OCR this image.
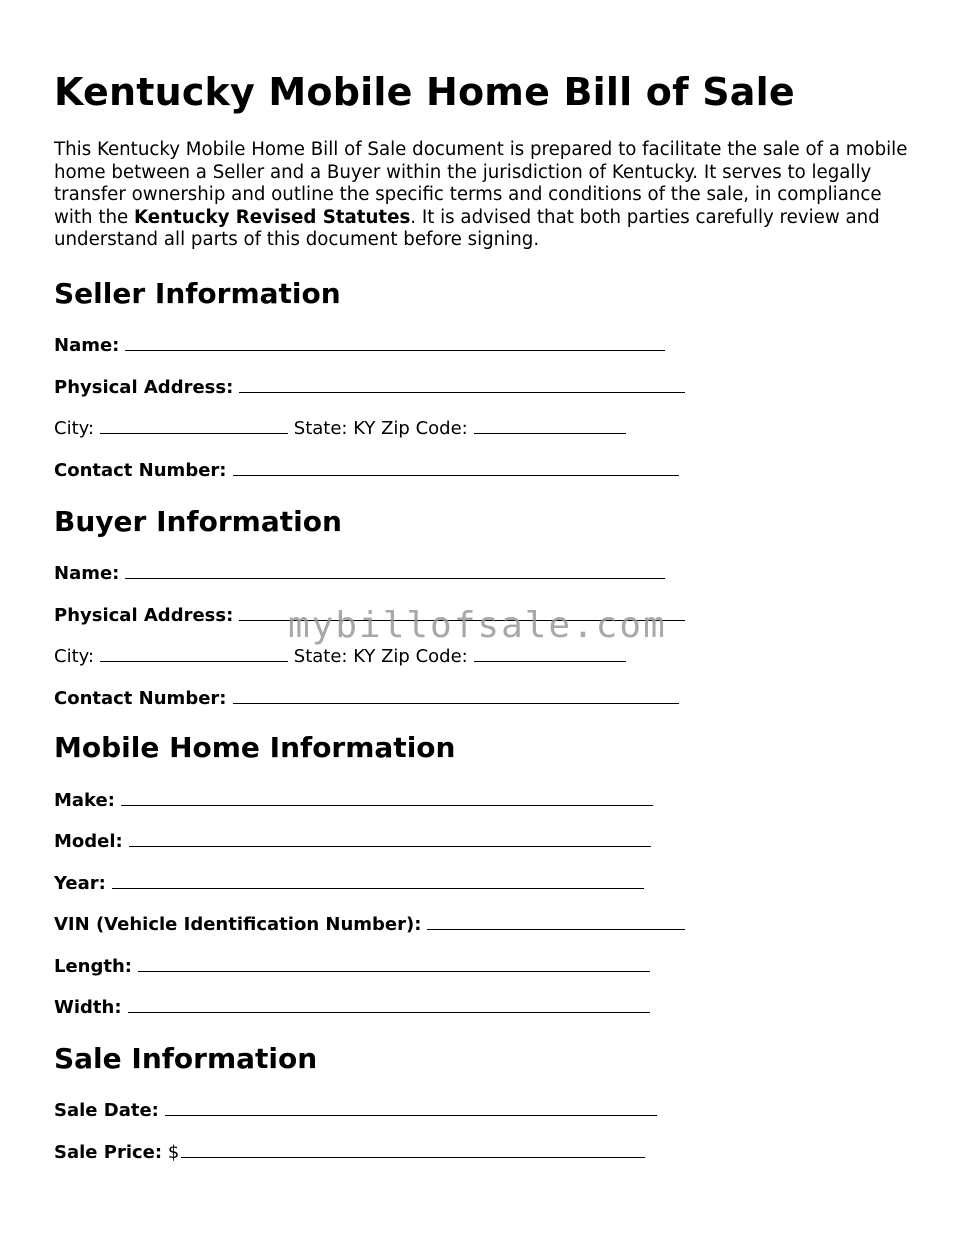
Kentucky Mobile Home Bill of Sale

This Kentucky Mobile Home Bill of Sale document is prepared to facilitate the sale of a mobile home between a Seller and a Buyer within the jurisdiction of Kentucky. It serves to legally transfer ownership and outline the specific terms and conditions of the sale, in compliance with the Kentucky Revised Statutes. It is advised that both parties carefully review and understand all parts of this document before signing.

Seller Information
Name:
Physical Address:
City:	State: KY Zip Code:
Contact Number:
Buyer Information
Name:
Physical Address:
City:	State: KY Zip Code:
Contact Number:
Mobile Home Information
Make:
Model:
Year:
VIN (Vehicle Identification Number):
Length:
Width:
Sale Information
Sale Date:
Sale Price: $
mybillofsale.com
